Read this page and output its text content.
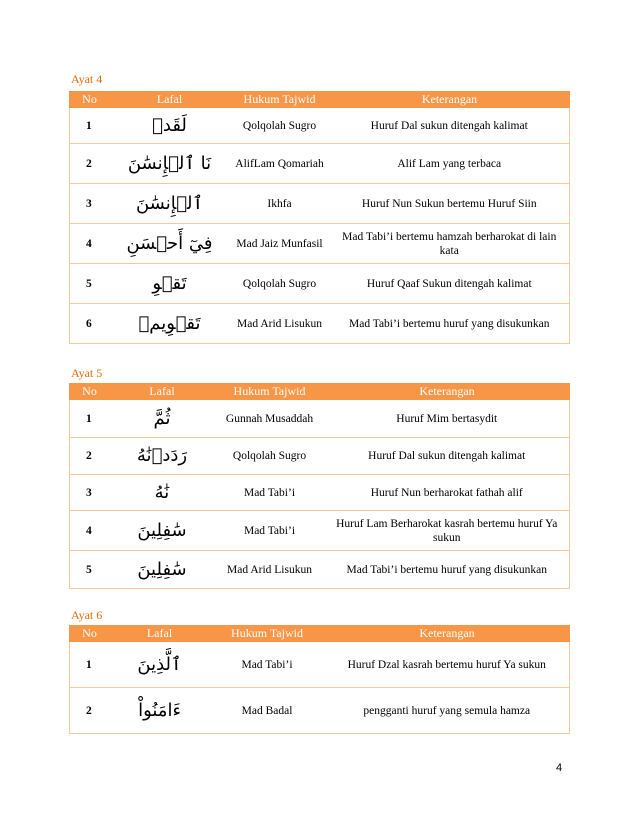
Ayat 4
No	Lafal	Hukum Tajwid	Keterangan
1	لَقَدۡ	Qolqolah Sugro	Huruf Dal sukun ditengah kalimat
2	نَا ٱلۡإِنسَٰنَ	AlifLam Qomariah	Alif Lam yang terbaca
3	ٱلۡإِنسَٰنَ	Ikhfa	Huruf Nun Sukun bertemu Huruf Siin
4	فِيٓ أَحۡسَنِ	Mad Jaiz Munfasil	Mad Tabi’i bertemu hamzah berharokat di lain kata
5	تَقۡوِ	Qolqolah Sugro	Huruf Qaaf Sukun ditengah kalimat
6	تَقۡوِيمٖ	Mad Arid Lisukun	Mad Tabi’i bertemu huruf yang disukunkan
Ayat 5
No	Lafal	Hukum Tajwid	Keterangan
1	ثُمَّ	Gunnah Musaddah	Huruf Mim bertasydit
2	رَدَدۡنَٰهُ	Qolqolah Sugro	Huruf Dal sukun ditengah kalimat
3	نَٰهُ	Mad Tabi’i	Huruf Nun berharokat fathah alif
4	سَٰفِلِينَ	Mad Tabi’i	Huruf Lam Berharokat kasrah bertemu huruf Ya sukun
5	سَٰفِلِينَ	Mad Arid Lisukun	Mad Tabi’i bertemu huruf yang disukunkan
Ayat 6
No	Lafal	Hukum Tajwid	Keterangan
1	ٱلَّذِينَ	Mad Tabi’i	Huruf Dzal kasrah bertemu huruf Ya sukun
2	ءَامَنُواْ	Mad Badal	pengganti huruf yang semula hamza
4
